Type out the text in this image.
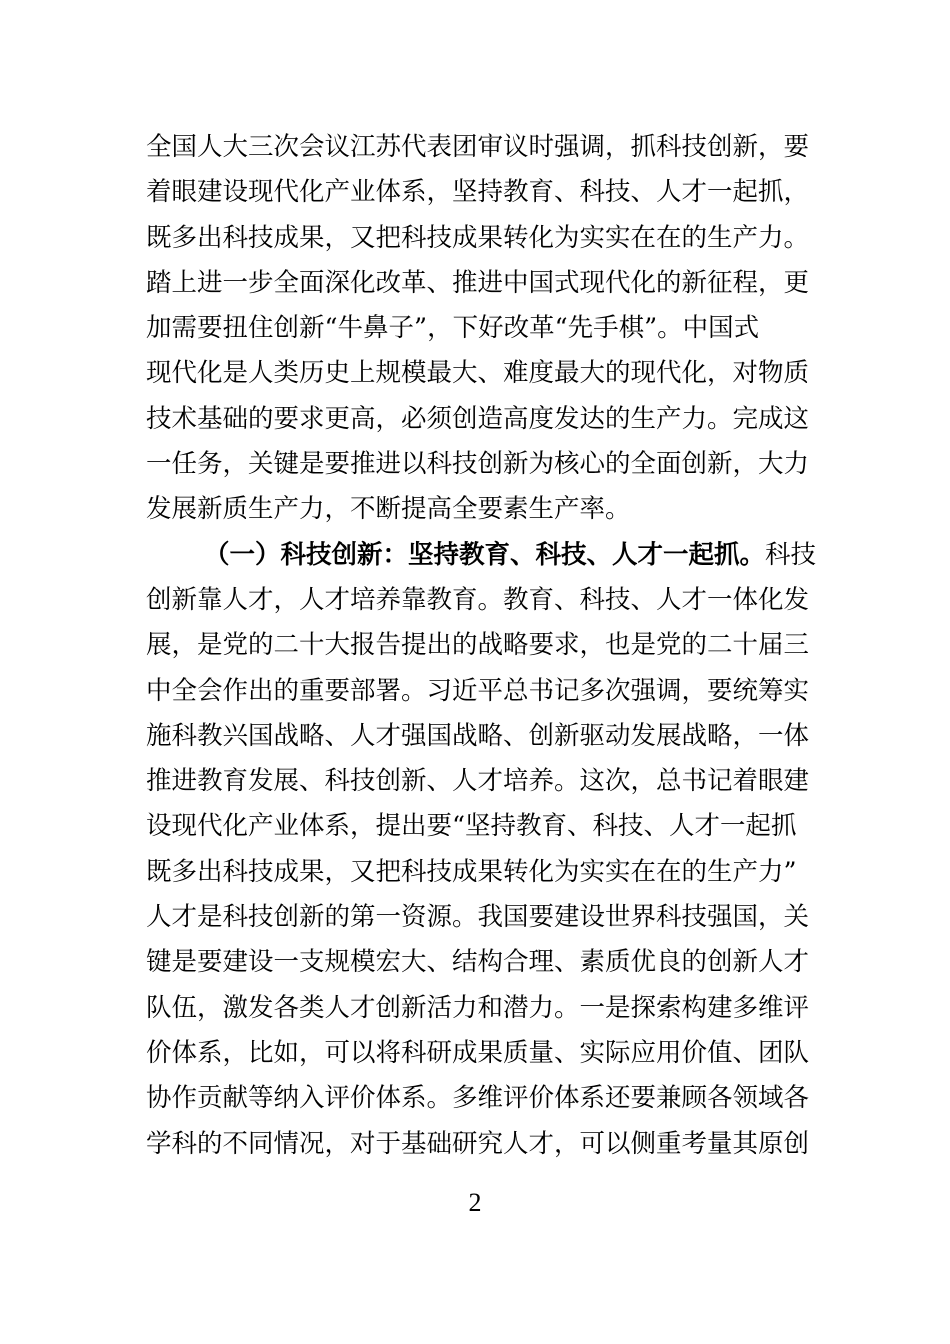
全国人大三次会议江苏代表团审议时强调，抓科技创新，要
着眼建设现代化产业体系，坚持教育、科技、人才一起抓，
既多出科技成果，又把科技成果转化为实实在在的生产力。
踏上进一步全面深化改革、推进中国式现代化的新征程，更
加需要扭住创新“牛鼻子”，下好改革“先手棋”。中国式
现代化是人类历史上规模最大、难度最大的现代化，对物质
技术基础的要求更高，必须创造高度发达的生产力。完成这
一任务，关键是要推进以科技创新为核心的全面创新，大力
发展新质生产力，不断提高全要素生产率。
（一）科技创新：坚持教育、科技、人才一起抓。科技
创新靠人才，人才培养靠教育。教育、科技、人才一体化发
展，是党的二十大报告提出的战略要求，也是党的二十届三
中全会作出的重要部署。习近平总书记多次强调，要统筹实
施科教兴国战略、人才强国战略、创新驱动发展战略，一体
推进教育发展、科技创新、人才培养。这次，总书记着眼建
设现代化产业体系，提出要“坚持教育、科技、人才一起抓
既多出科技成果，又把科技成果转化为实实在在的生产力”
人才是科技创新的第一资源。我国要建设世界科技强国，关
键是要建设一支规模宏大、结构合理、素质优良的创新人才
队伍，激发各类人才创新活力和潜力。一是探索构建多维评
价体系，比如，可以将科研成果质量、实际应用价值、团队
协作贡献等纳入评价体系。多维评价体系还要兼顾各领域各
学科的不同情况，对于基础研究人才，可以侧重考量其原创
2
